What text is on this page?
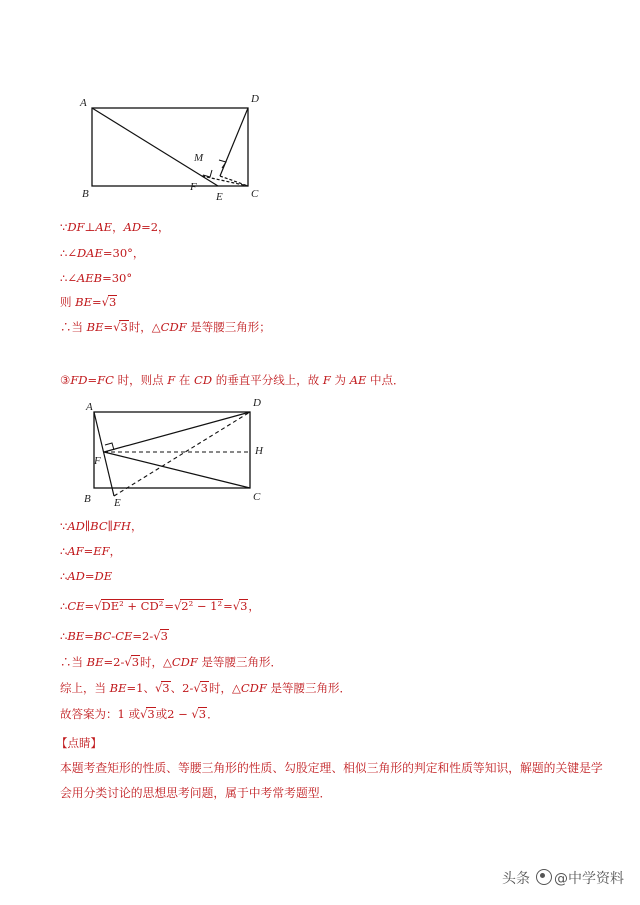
A	D
B	C
M
F
E
∵DF⊥AE，AD=2，
∴∠DAE=30°，
∴∠AEB=30°
则 BE=√3
∴当 BE=√3时，△CDF 是等腰三角形；
③FD=FC 时，则点 F 在 CD 的垂直平分线上，故 F 为 AE 中点．
A	D
F
H
B E	C
∵AD∥BC∥FH，
∴AF=EF，
∴AD=DE
∴CE=√DE² + CD²=√2² − 1²=√3，
∴BE=BC-CE=2-√3
∴当 BE=2-√3时，△CDF 是等腰三角形．
综上，当 BE=1、√3、2-√3时，△CDF 是等腰三角形．
故答案为：1 或√3或2 − √3．
【点睛】
本题考查矩形的性质、等腰三角形的性质、勾股定理、相似三角形的判定和性质等知识，解题的关键是学
会用分类讨论的思想思考问题，属于中考常考题型．
头条 @中学资料
